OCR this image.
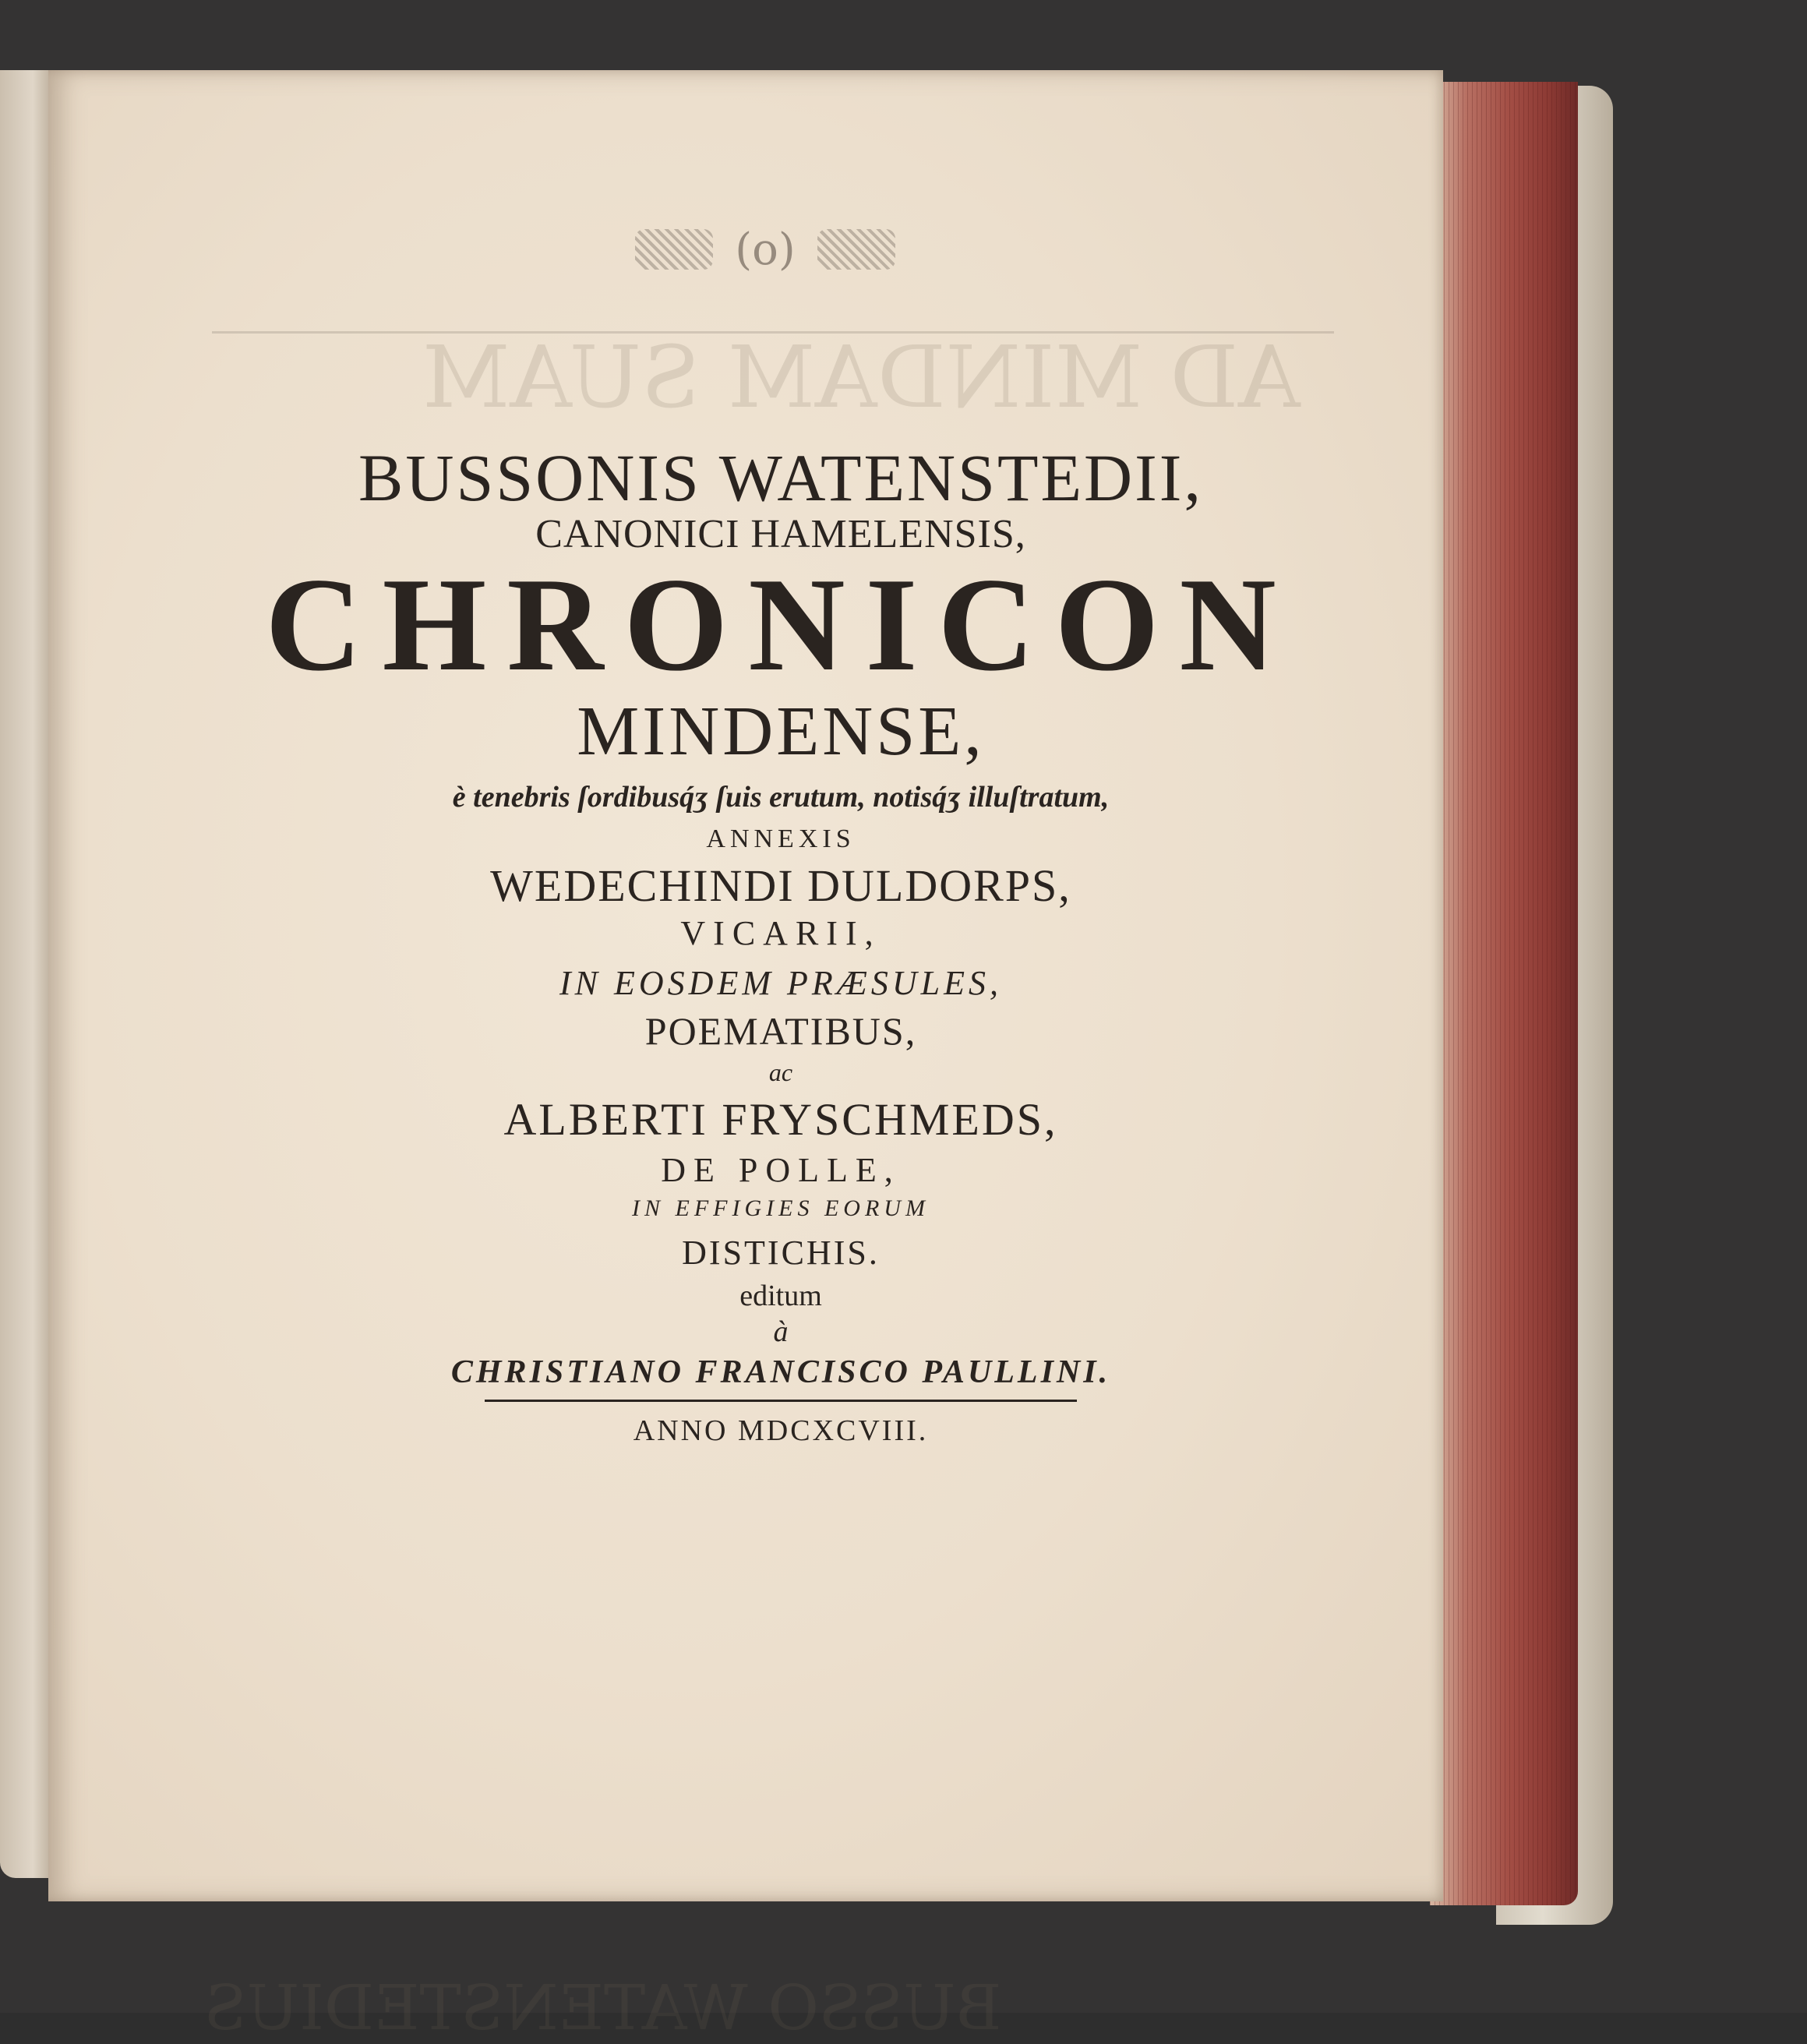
AD MINDAM SUAM
(o)
BUSSONIS WATENSTEDII,
CANONICI HAMELENSIS,
CHRONICON
MINDENSE,
è tenebris ſordibusq́ʒ ſuis erutum, notisq́ʒ illuſtratum,
ANNEXIS
WEDECHINDI DULDORPS,
VICARII,
IN EOSDEM PRÆSULES,
POEMATIBUS,
ac
ALBERTI FRYSCHMEDS,
DE POLLE,
IN EFFIGIES EORUM
DISTICHIS.
editum
à
CHRISTIANO FRANCISCO PAULLINI.
ANNO MDCXCVIII.
